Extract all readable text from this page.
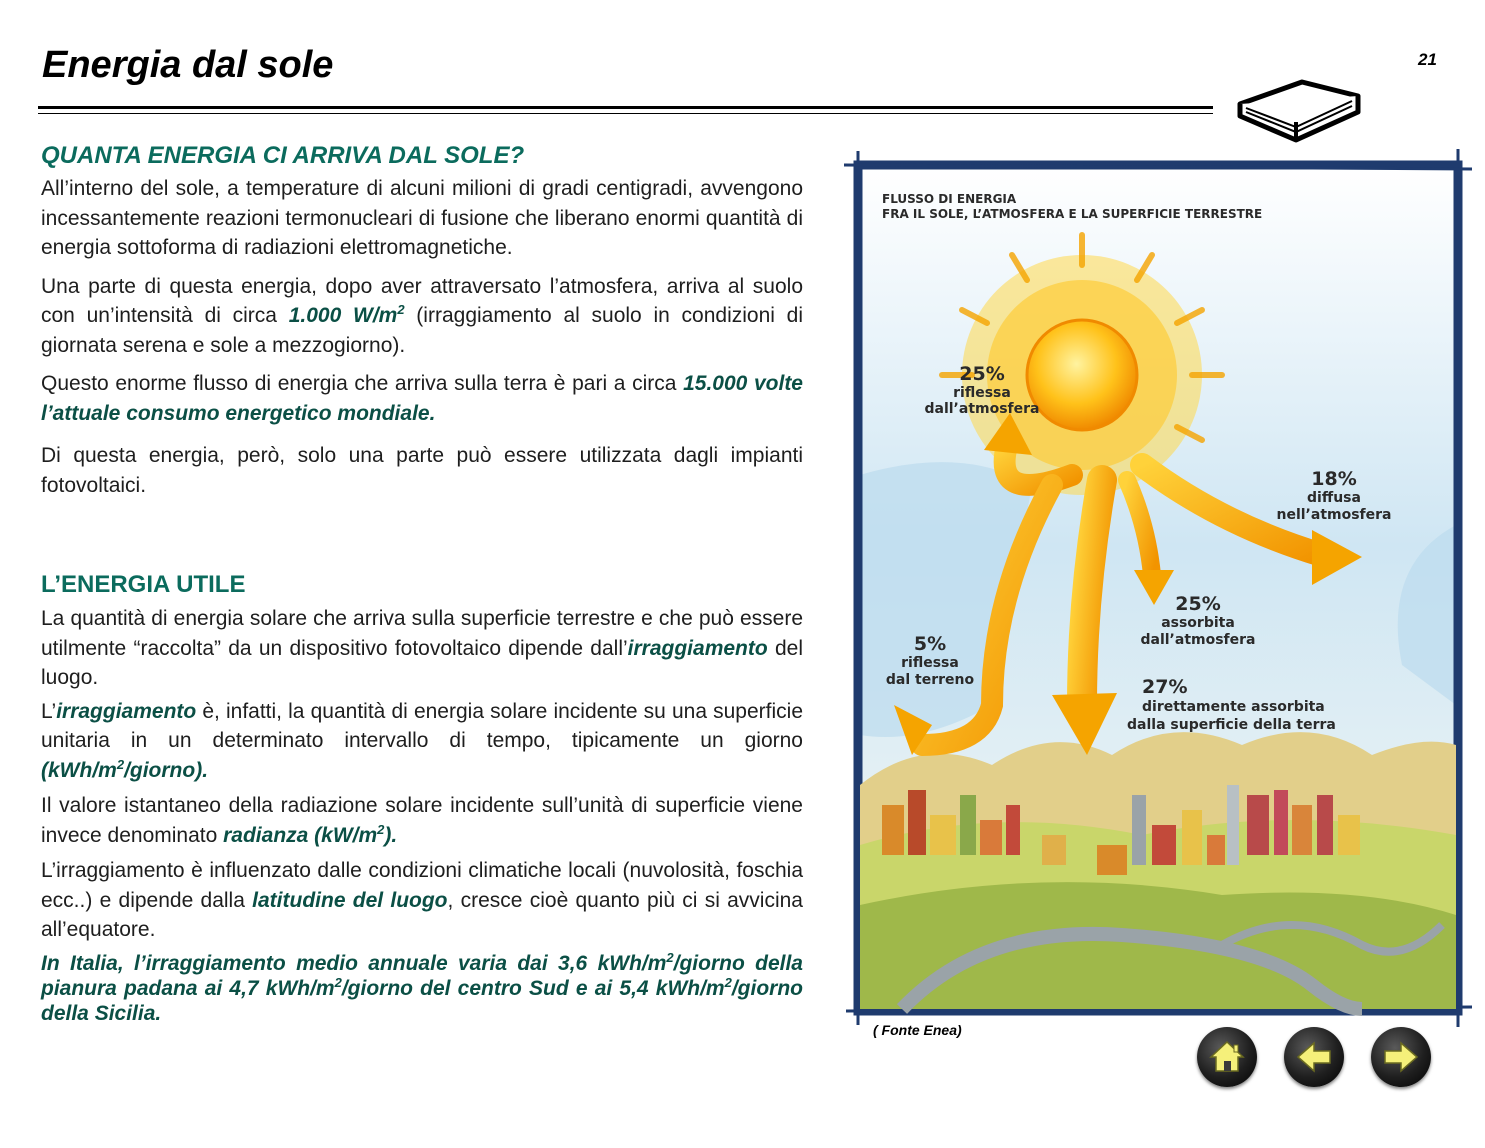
Energia dal sole	21
QUANTA ENERGIA CI ARRIVA DAL SOLE?

All’interno del sole, a temperature di alcuni milioni di gradi centigradi, avvengono incessantemente reazioni termonucleari di fusione che liberano enormi quantità di energia sottoforma di radiazioni elettromagnetiche.

Una parte di questa energia, dopo aver attraversato l’atmosfera, arriva al suolo con un’intensità di circa 1.000 $W/m^2$ (irraggiamento al suolo in condizioni di giornata serena e sole a mezzogiorno).

Questo enorme flusso di energia che arriva sulla terra è pari a circa 15.000 volte l’attuale consumo energetico mondiale.

Di questa energia, però, solo una parte può essere utilizzata dagli impianti fotovoltaici.

L’ENERGIA UTILE

La quantità di energia solare che arriva sulla superficie terrestre e che può essere utilmente “raccolta” da un dispositivo fotovoltaico dipende dall’irraggiamento del luogo.

L’irraggiamento è, infatti, la quantità di energia solare incidente su una superficie unitaria in un determinato intervallo di tempo, tipicamente un giorno $(kWh/m^2/giorno)$.

Il valore istantaneo della radiazione solare incidente sull’unità di superficie viene invece denominato radianza $(kW/m^2)$.

L’irraggiamento è influenzato dalle condizioni climatiche locali (nuvolosità, foschia ecc..) e dipende dalla latitudine del luogo, cresce cioè quanto più ci si avvicina all’equatore.

In Italia, l’irraggiamento medio annuale varia dai 3,6 kWh/$m^2$/giorno della pianura padana ai 4,7 kWh/$m^2$/giorno del centro Sud e ai 5,4 kWh/$m^2$/giorno della Sicilia.

FLUSSO DI ENERGIA
FRA IL SOLE, L’ATMOSFERA E LA SUPERFICIE TERRESTRE
25%
riflessa
dall’atmosfera
18%
diffusa
nell’atmosfera
25%
assorbita
dall’atmosfera
5%
riflessa
dal terreno	27%
direttamente assorbita
dalla superficie della terra
( Fonte Enea)
